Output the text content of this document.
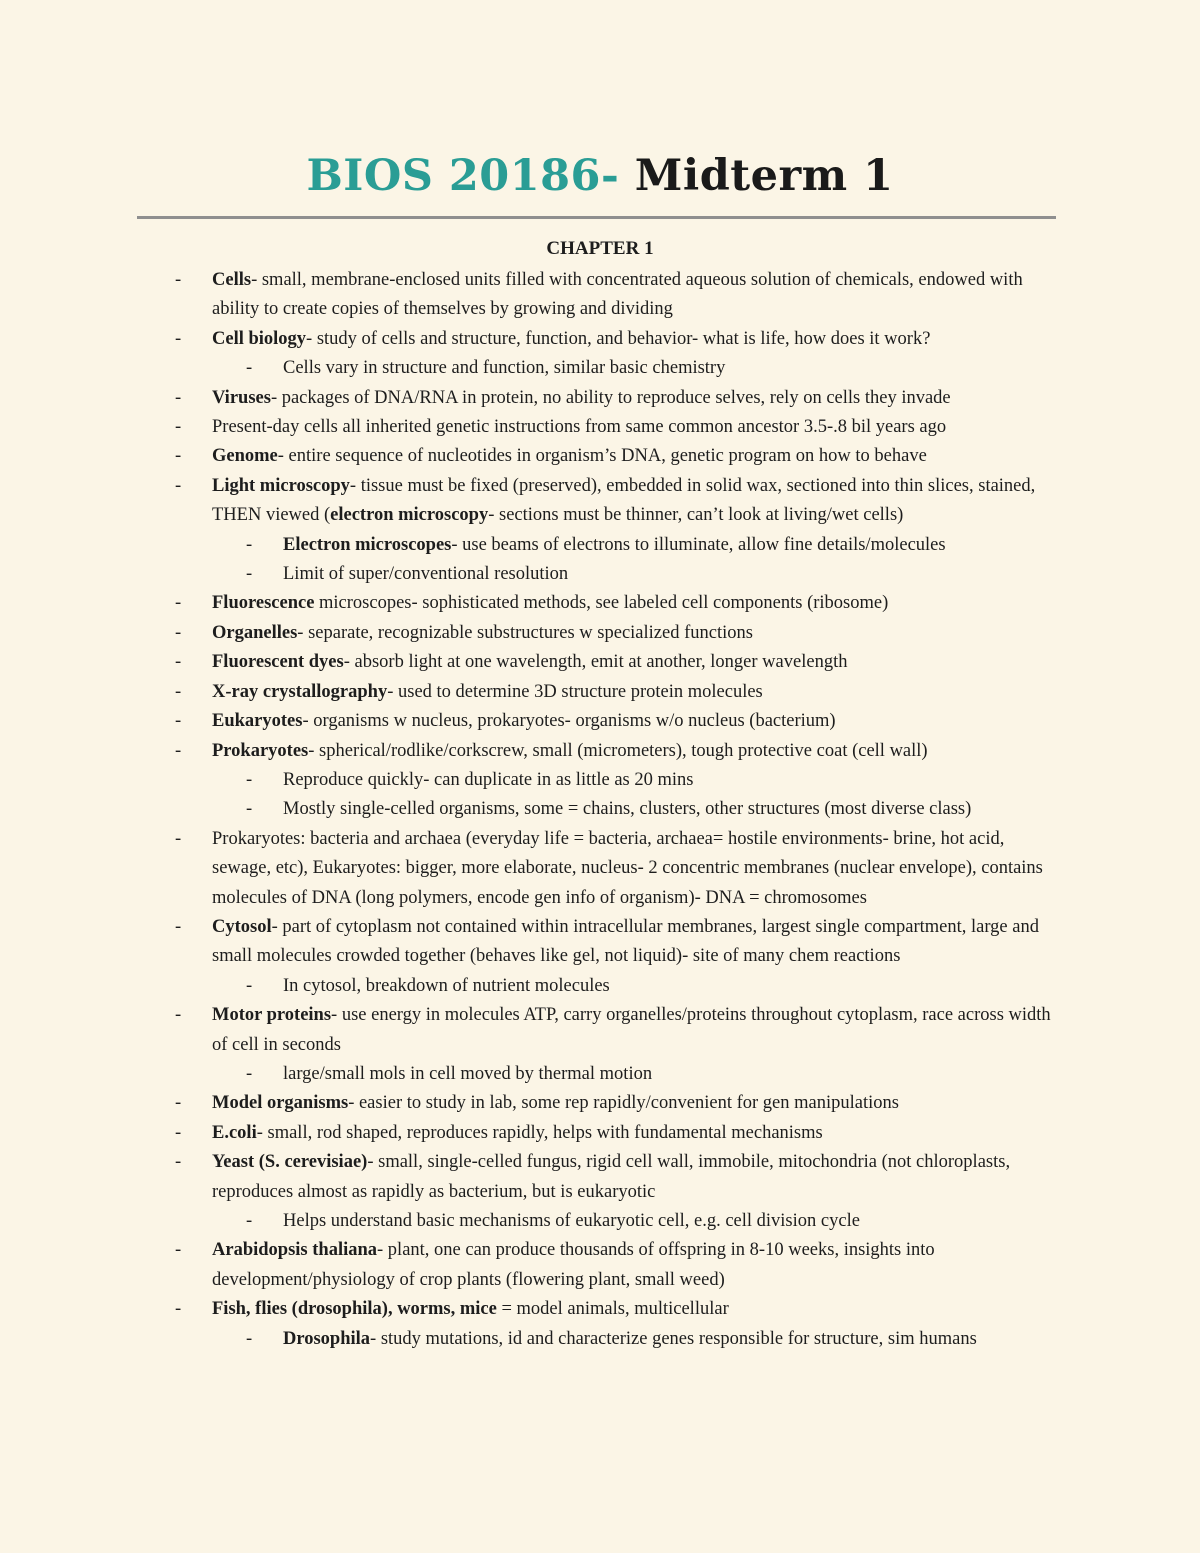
BIOS 20186- Midterm 1
CHAPTER 1
- Cells- small, membrane-enclosed units filled with concentrated aqueous solution of chemicals, endowed with ability to create copies of themselves by growing and dividing
- Cell biology- study of cells and structure, function, and behavior- what is life, how does it work?
- Cells vary in structure and function, similar basic chemistry
- Viruses- packages of DNA/RNA in protein, no ability to reproduce selves, rely on cells they invade
- Present-day cells all inherited genetic instructions from same common ancestor 3.5-.8 bil years ago
- Genome- entire sequence of nucleotides in organism’s DNA, genetic program on how to behave
- Light microscopy- tissue must be fixed (preserved), embedded in solid wax, sectioned into thin slices, stained, THEN viewed (electron microscopy- sections must be thinner, can’t look at living/wet cells)
- Electron microscopes- use beams of electrons to illuminate, allow fine details/molecules
- Limit of super/conventional resolution
- Fluorescence microscopes- sophisticated methods, see labeled cell components (ribosome)
- Organelles- separate, recognizable substructures w specialized functions
- Fluorescent dyes- absorb light at one wavelength, emit at another, longer wavelength
- X-ray crystallography- used to determine 3D structure protein molecules
- Eukaryotes- organisms w nucleus, prokaryotes- organisms w/o nucleus (bacterium)
- Prokaryotes- spherical/rodlike/corkscrew, small (micrometers), tough protective coat (cell wall)
- Reproduce quickly- can duplicate in as little as 20 mins
- Mostly single-celled organisms, some = chains, clusters, other structures (most diverse class)
- Prokaryotes: bacteria and archaea (everyday life = bacteria, archaea= hostile environments- brine, hot acid, sewage, etc), Eukaryotes: bigger, more elaborate, nucleus- 2 concentric membranes (nuclear envelope), contains molecules of DNA (long polymers, encode gen info of organism)- DNA = chromosomes
- Cytosol- part of cytoplasm not contained within intracellular membranes, largest single compartment, large and small molecules crowded together (behaves like gel, not liquid)- site of many chem reactions
- In cytosol, breakdown of nutrient molecules
- Motor proteins- use energy in molecules ATP, carry organelles/proteins throughout cytoplasm, race across width of cell in seconds
- large/small mols in cell moved by thermal motion
- Model organisms- easier to study in lab, some rep rapidly/convenient for gen manipulations
- E.coli- small, rod shaped, reproduces rapidly, helps with fundamental mechanisms
- Yeast (S. cerevisiae)- small, single-celled fungus, rigid cell wall, immobile, mitochondria (not chloroplasts, reproduces almost as rapidly as bacterium, but is eukaryotic
- Helps understand basic mechanisms of eukaryotic cell, e.g. cell division cycle
- Arabidopsis thaliana- plant, one can produce thousands of offspring in 8-10 weeks, insights into development/physiology of crop plants (flowering plant, small weed)
- Fish, flies (drosophila), worms, mice = model animals, multicellular
- Drosophila- study mutations, id and characterize genes responsible for structure, sim humans
